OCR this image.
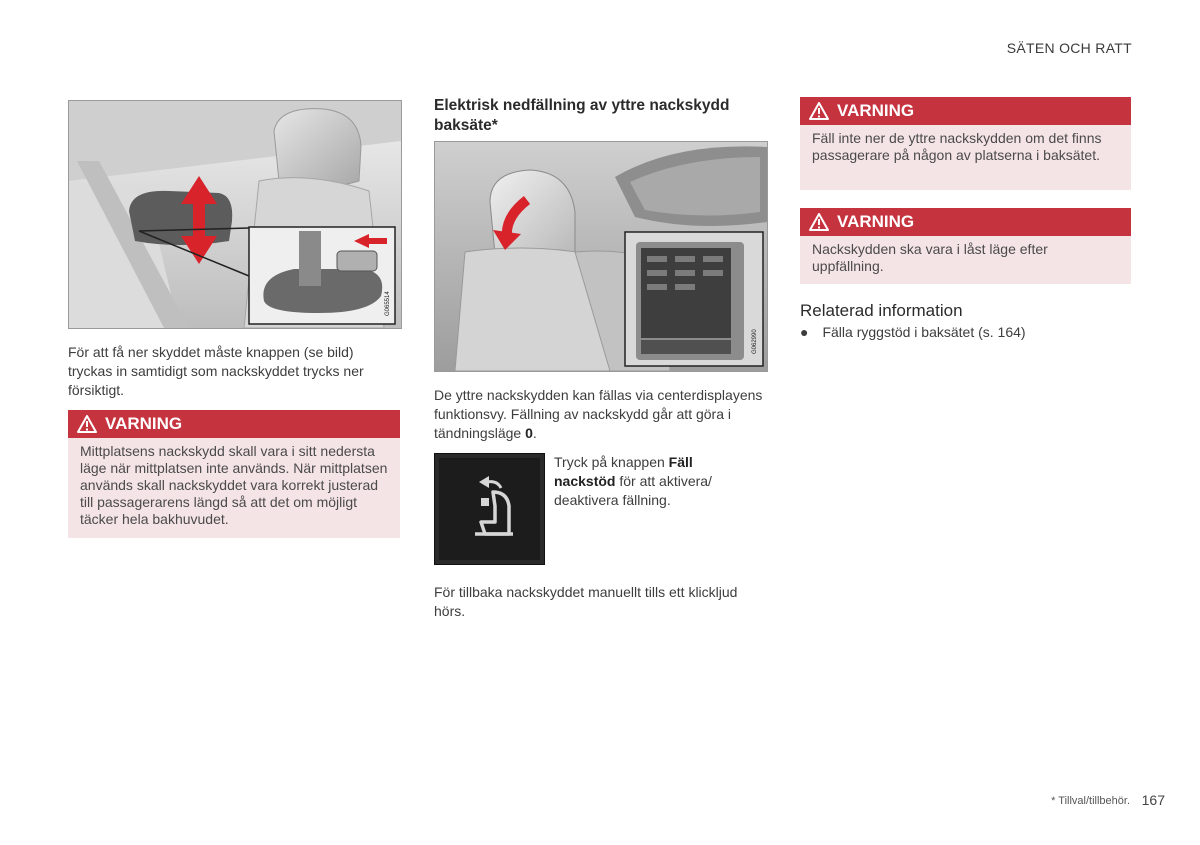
SÄTEN OCH RATT
G065514
För att få ner skyddet måste knappen (se bild) tryckas in samtidigt som nackskyddet trycks ner försiktigt.
VARNING
Mittplatsens nackskydd skall vara i sitt nedersta läge när mittplatsen inte används. När mittplatsen används skall nackskyddet vara korrekt justerad till passagerarens längd så att det om möjligt täcker hela bakhuvudet.
Elektrisk nedfällning av yttre nackskydd baksäte*
G062990
De yttre nackskydden kan fällas via centerdisplayens funktionsvy. Fällning av nackskydd går att göra i tändningsläge 0.
Tryck på knappen Fäll nackstöd för att aktivera/ deaktivera fällning.
För tillbaka nackskyddet manuellt tills ett klickljud hörs.
VARNING
Fäll inte ner de yttre nackskydden om det finns passagerare på någon av platserna i baksätet.
VARNING
Nackskydden ska vara i låst läge efter uppfällning.
Relaterad information
● Fälla ryggstöd i baksätet (s. 164)
* Tillval/tillbehör. 167
